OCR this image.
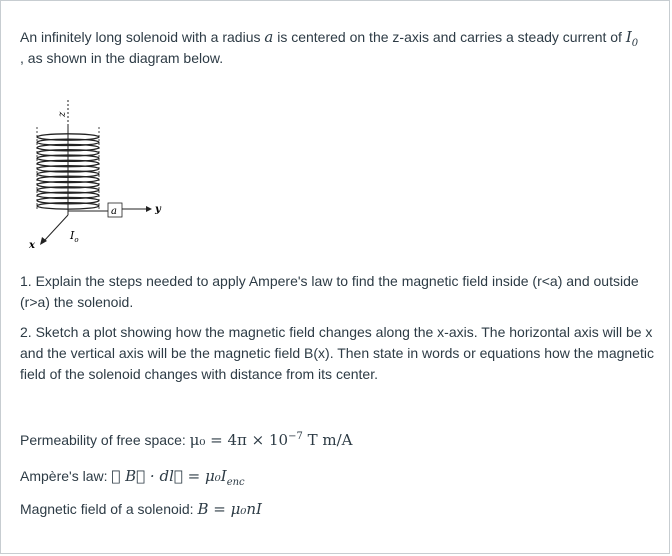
An infinitely long solenoid with a radius a is centered on the z-axis and carries a steady current of $I_0$
, as shown in the diagram below.

z
a	y
x
$I_o$

1. Explain the steps needed to apply Ampere's law to find the magnetic field inside (r<a) and outside (r>a) the solenoid.

2. Sketch a plot showing how the magnetic field changes along the x-axis. The horizontal axis will be x and the vertical axis will be the magnetic field B(x). Then state in words or equations how the magnetic field of the solenoid changes with distance from its center.

Permeability of free space: $\mu_0 = 4\pi \times 10^{-7}$ T m/A

Ampère's law: ∮ B⃗ · dl⃗ = $\mu_0I_{enc}$

Magnetic field of a solenoid: B = μ₀nI
